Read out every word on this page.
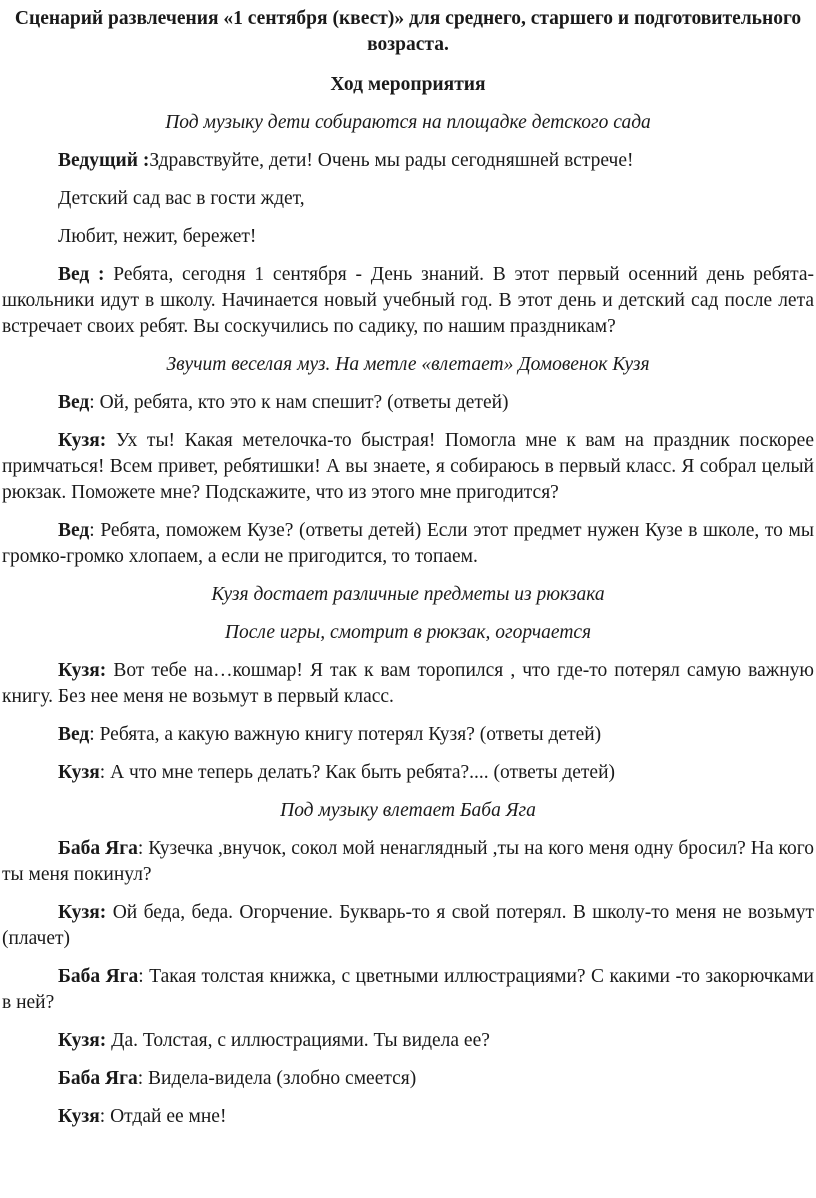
Сценарий развлечения «1 сентября (квест)» для среднего, старшего и подготовительного возраста.
Ход мероприятия
Под музыку дети собираются на площадке детского сада
Ведущий :Здравствуйте, дети! Очень мы рады сегодняшней встрече!
Детский сад вас в гости ждет,
Любит, нежит, бережет!
Вед : Ребята, сегодня 1 сентября - День знаний. В этот первый осенний день ребята-школьники идут в школу. Начинается новый учебный год. В этот день и детский сад после лета встречает своих ребят. Вы соскучились по садику, по нашим праздникам?
Звучит веселая муз. На метле «влетает» Домовенок Кузя
Вед: Ой, ребята, кто это к нам спешит? (ответы детей)
Кузя: Ух ты! Какая метелочка-то быстрая! Помогла мне к вам на праздник поскорее примчаться! Всем привет, ребятишки! А вы знаете, я собираюсь в первый класс. Я собрал целый рюкзак. Поможете мне? Подскажите, что из этого мне пригодится?
Вед: Ребята, поможем Кузе? (ответы детей) Если этот предмет нужен Кузе в школе, то мы громко-громко хлопаем, а если не пригодится, то топаем.
Кузя достает различные предметы из рюкзака
После игры, смотрит в рюкзак, огорчается
Кузя: Вот тебе на…кошмар! Я так к вам торопился , что где-то потерял самую важную книгу. Без нее меня не возьмут в первый класс.
Вед: Ребята, а какую важную книгу потерял Кузя? (ответы детей)
Кузя: А что мне теперь делать? Как быть ребята?.... (ответы детей)
Под музыку влетает Баба Яга
Баба Яга: Кузечка ,внучок, сокол мой ненаглядный ,ты на кого меня одну бросил? На кого ты меня покинул?
Кузя: Ой беда, беда. Огорчение. Букварь-то я свой потерял. В школу-то меня не возьмут (плачет)
Баба Яга: Такая толстая книжка, с цветными иллюстрациями? С какими -то закорючками в ней?
Кузя: Да. Толстая, с иллюстрациями. Ты видела ее?
Баба Яга: Видела-видела (злобно смеется)
Кузя: Отдай ее мне!
